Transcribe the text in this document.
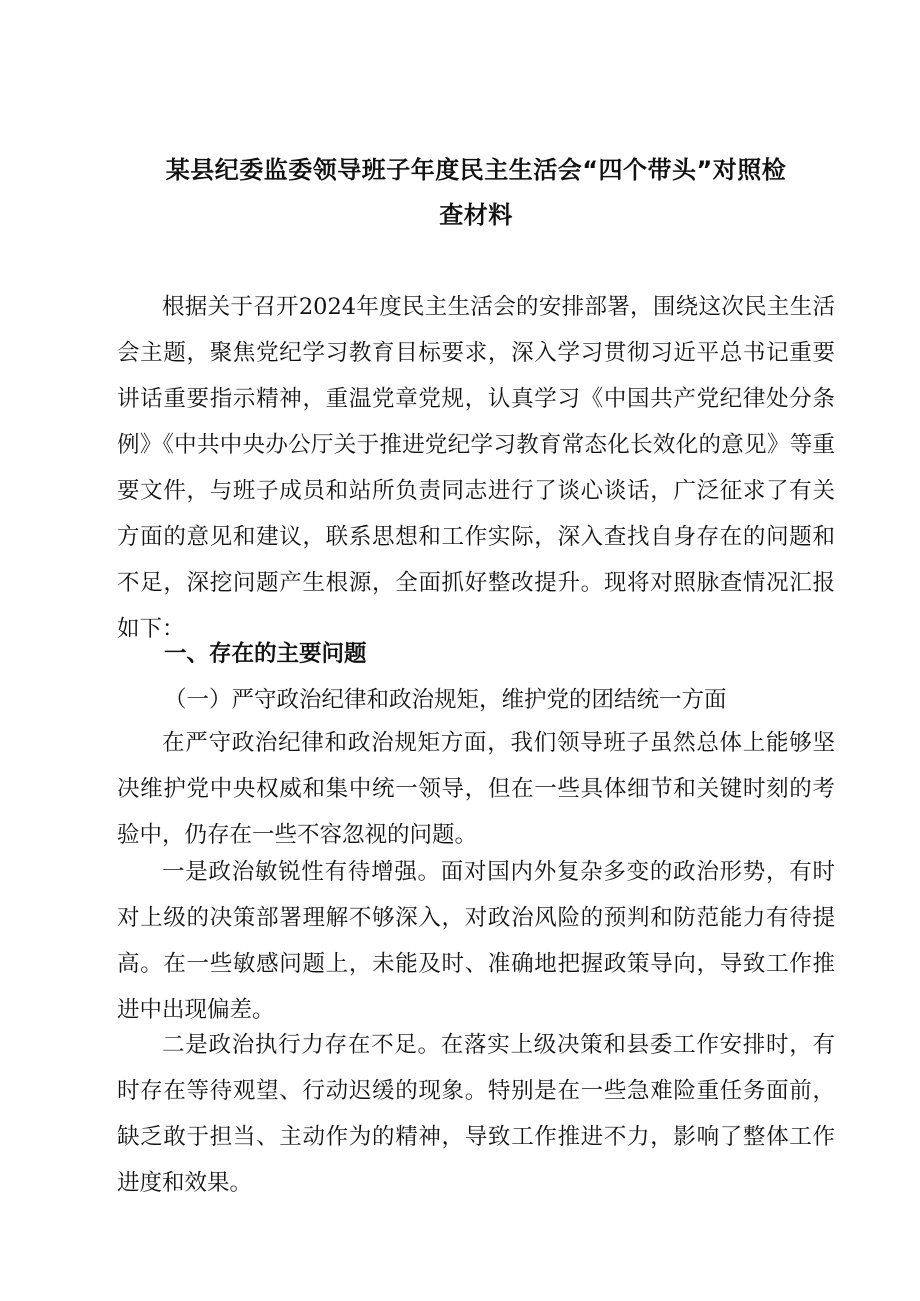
某县纪委监委领导班子年度民主生活会“四个带头”对照检
查材料

根据关于召开2024年度民主生活会的安排部署，围绕这次民主生活会主题，聚焦党纪学习教育目标要求，深入学习贯彻习近平总书记重要讲话重要指示精神，重温党章党规，认真学习《中国共产党纪律处分条例》《中共中央办公厅关于推进党纪学习教育常态化长效化的意见》等重要文件，与班子成员和站所负责同志进行了谈心谈话，广泛征求了有关方面的意见和建议，联系思想和工作实际，深入查找自身存在的问题和不足，深挖问题产生根源，全面抓好整改提升。现将对照脉查情况汇报如下：

一、存在的主要问题

（一）严守政治纪律和政治规矩，维护党的团结统一方面

在严守政治纪律和政治规矩方面，我们领导班子虽然总体上能够坚决维护党中央权威和集中统一领导，但在一些具体细节和关键时刻的考验中，仍存在一些不容忽视的问题。

一是政治敏锐性有待增强。面对国内外复杂多变的政治形势，有时对上级的决策部署理解不够深入，对政治风险的预判和防范能力有待提高。在一些敏感问题上，未能及时、准确地把握政策导向，导致工作推进中出现偏差。

二是政治执行力存在不足。在落实上级决策和县委工作安排时，有时存在等待观望、行动迟缓的现象。特别是在一些急难险重任务面前，缺乏敢于担当、主动作为的精神，导致工作推进不力，影响了整体工作进度和效果。
